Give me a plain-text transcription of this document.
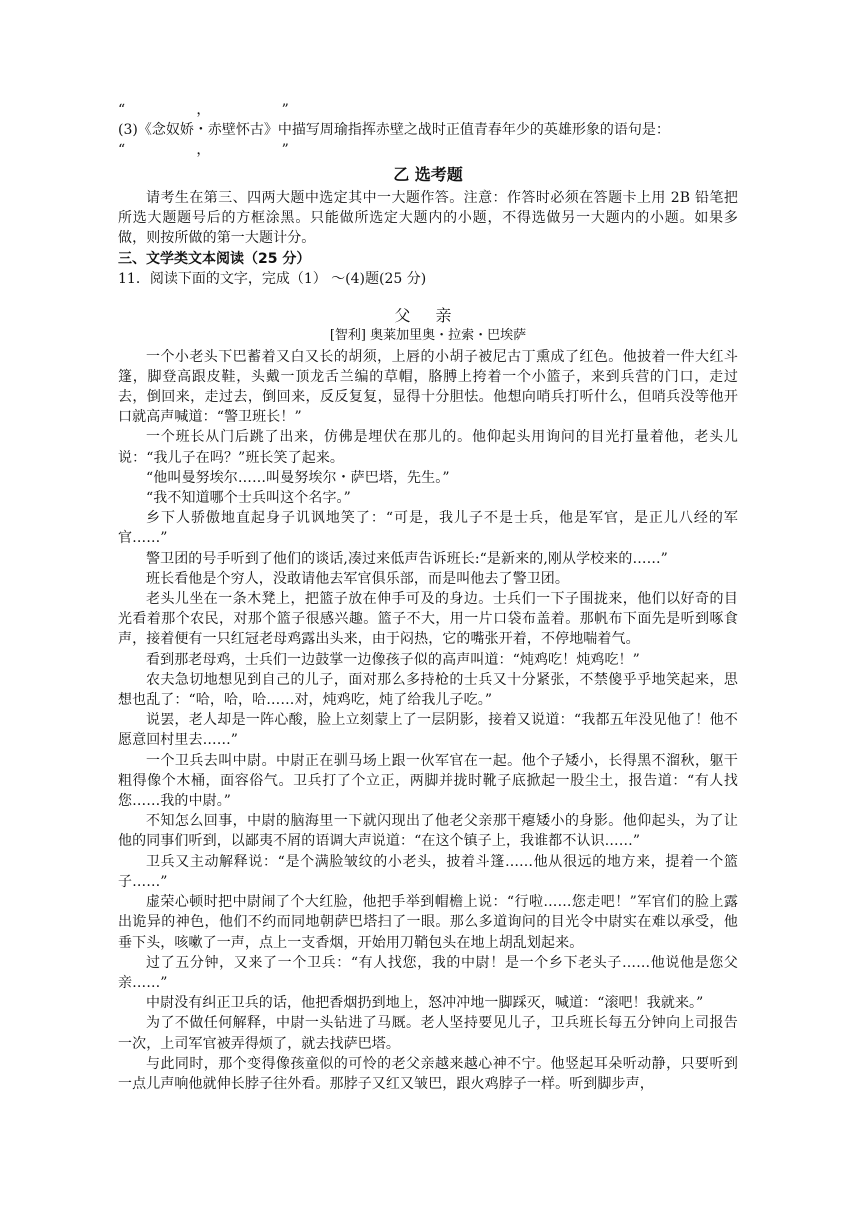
“                ，                ”
(3)《念奴娇・赤壁怀古》中描写周瑜指挥赤壁之战时正值青春年少的英雄形象的语句是：
“                ，                ”
乙 选考题

请考生在第三、四两大题中选定其中一大题作答。注意：作答时必须在答题卡上用 2B 铅笔把所选大题题号后的方框涂黑。只能做所选定大题内的小题，不得选做另一大题内的小题。如果多做，则按所做的第一大题计分。

三、文学类文本阅读（25 分）
11．阅读下面的文字，完成（1） ～(4)题(25 分)
父 亲
[智利] 奥莱加里奥・拉索・巴埃萨

一个小老头下巴蓄着又白又长的胡须，上唇的小胡子被尼古丁熏成了红色。他披着一件大红斗篷，脚登高跟皮鞋，头戴一顶龙舌兰编的草帽，胳膊上挎着一个小篮子，来到兵营的门口，走过去，倒回来，走过去，倒回来，反反复复，显得十分胆怯。他想向哨兵打听什么，但哨兵没等他开口就高声喊道：“警卫班长！”

一个班长从门后跳了出来，仿佛是埋伏在那儿的。他仰起头用询问的目光打量着他，老头儿说：“我儿子在吗？”班长笑了起来。

“他叫曼努埃尔……叫曼努埃尔・萨巴塔，先生。”

“我不知道哪个士兵叫这个名字。”

乡下人骄傲地直起身子讥讽地笑了：“可是，我儿子不是士兵，他是军官，是正儿八经的军官……”

警卫团的号手听到了他们的谈话,凑过来低声告诉班长:“是新来的,刚从学校来的……”

班长看他是个穷人，没敢请他去军官俱乐部，而是叫他去了警卫团。

老头儿坐在一条木凳上，把篮子放在伸手可及的身边。士兵们一下子围拢来，他们以好奇的目光看着那个农民，对那个篮子很感兴趣。篮子不大，用一片口袋布盖着。那帆布下面先是听到啄食声，接着便有一只红冠老母鸡露出头来，由于闷热，它的嘴张开着，不停地喘着气。

看到那老母鸡，士兵们一边鼓掌一边像孩子似的高声叫道：“炖鸡吃！炖鸡吃！”

农夫急切地想见到自己的儿子，面对那么多持枪的士兵又十分紧张，不禁傻乎乎地笑起来，思想也乱了：“哈，哈，哈……对，炖鸡吃，炖了给我儿子吃。”

说罢，老人却是一阵心酸，脸上立刻蒙上了一层阴影，接着又说道：“我都五年没见他了！他不愿意回村里去……”

一个卫兵去叫中尉。中尉正在驯马场上跟一伙军官在一起。他个子矮小，长得黑不溜秋，躯干粗得像个木桶，面容俗气。卫兵打了个立正，两脚并拢时靴子底掀起一股尘土，报告道：“有人找您……我的中尉。”

不知怎么回事，中尉的脑海里一下就闪现出了他老父亲那干瘪矮小的身影。他仰起头，为了让他的同事们听到，以鄙夷不屑的语调大声说道：“在这个镇子上，我谁都不认识……”

卫兵又主动解释说：“是个满脸皱纹的小老头，披着斗篷……他从很远的地方来，提着一个篮子……”

虚荣心顿时把中尉闹了个大红脸，他把手举到帽檐上说：“行啦……您走吧！”军官们的脸上露出诡异的神色，他们不约而同地朝萨巴塔扫了一眼。那么多道询问的目光令中尉实在难以承受，他垂下头，咳嗽了一声，点上一支香烟，开始用刀鞘包头在地上胡乱划起来。

过了五分钟，又来了一个卫兵：“有人找您，我的中尉！是一个乡下老头子……他说他是您父亲……”

中尉没有纠正卫兵的话，他把香烟扔到地上，怒冲冲地一脚踩灭，喊道：“滚吧！我就来。”

为了不做任何解释，中尉一头钻进了马厩。老人坚持要见儿子，卫兵班长每五分钟向上司报告一次，上司军官被弄得烦了，就去找萨巴塔。

与此同时，那个变得像孩童似的可怜的老父亲越来越心神不宁。他竖起耳朵听动静，只要听到一点儿声响他就伸长脖子往外看。那脖子又红又皱巴，跟火鸡脖子一样。听到脚步声，
